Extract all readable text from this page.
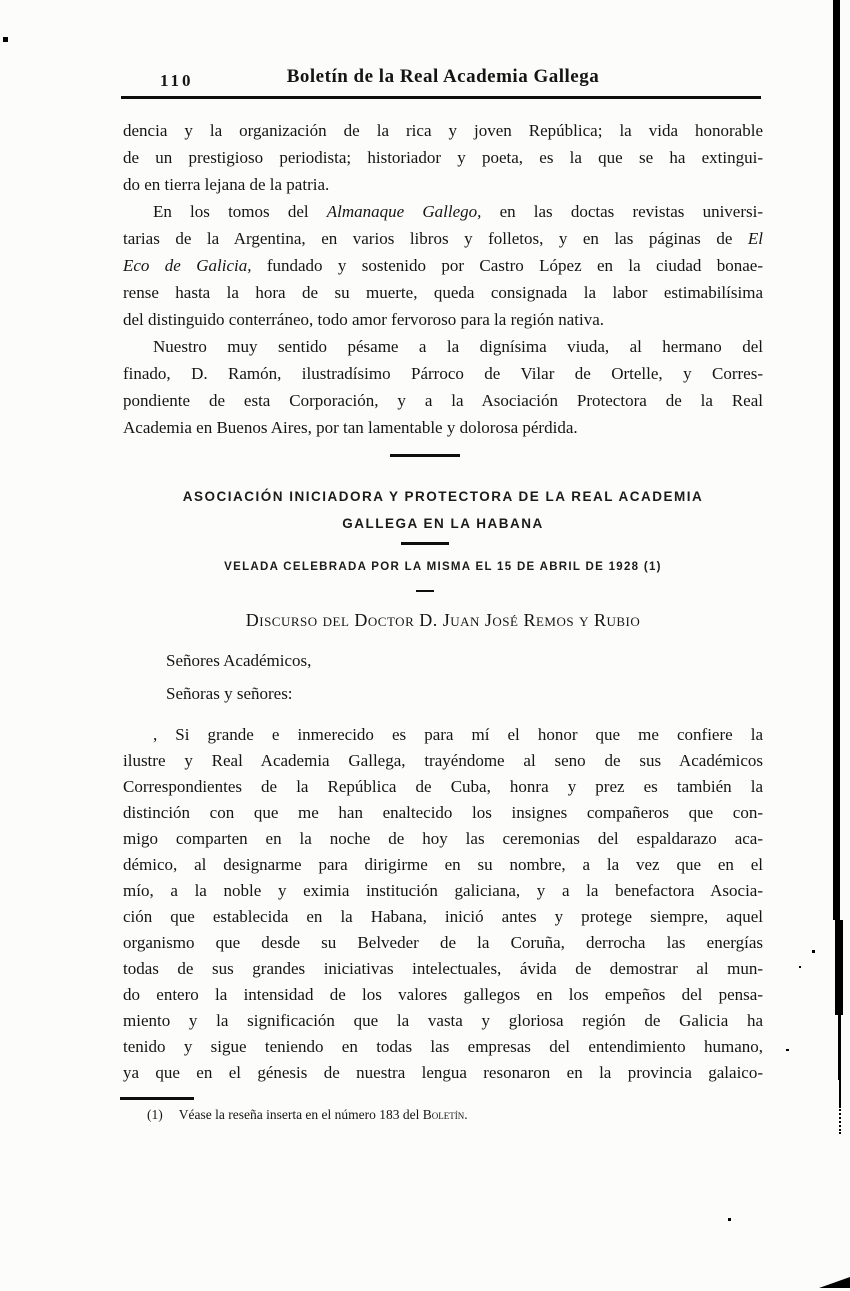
110	Boletín de la Real Academia Gallega
dencia y la organización de la rica y joven República; la vida honorable
de un prestigioso periodista; historiador y poeta, es la que se ha extingui-
do en tierra lejana de la patria.
En los tomos del Almanaque Gallego, en las doctas revistas universi-
tarias de la Argentina, en varios libros y folletos, y en las páginas de El
Eco de Galicia, fundado y sostenido por Castro López en la ciudad bonae-
rense hasta la hora de su muerte, queda consignada la labor estimabilísima
del distinguido conterráneo, todo amor fervoroso para la región nativa.
Nuestro muy sentido pésame a la dignísima viuda, al hermano del
finado, D. Ramón, ilustradísimo Párroco de Vilar de Ortelle, y Corres-
pondiente de esta Corporación, y a la Asociación Protectora de la Real
Academia en Buenos Aires, por tan lamentable y dolorosa pérdida.
ASOCIACIÓN INICIADORA Y PROTECTORA DE LA REAL ACADEMIA
GALLEGA EN LA HABANA
VELADA CELEBRADA POR LA MISMA EL 15 DE ABRIL DE 1928 (1)
Discurso del Doctor D. Juan José Remos y Rubio
Señores Académicos,
Señoras y señores:
, Si grande e inmerecido es para mí el honor que me confiere la
ilustre y Real Academia Gallega, trayéndome al seno de sus Académicos
Correspondientes de la República de Cuba, honra y prez es también la
distinción con que me han enaltecido los insignes compañeros que con-
migo comparten en la noche de hoy las ceremonias del espaldarazo aca-
démico, al designarme para dirigirme en su nombre, a la vez que en el
mío, a la noble y eximia institución galiciana, y a la benefactora Asocia-
ción que establecida en la Habana, inició antes y protege siempre, aquel
organismo que desde su Belveder de la Coruña, derrocha las energías
todas de sus grandes iniciativas intelectuales, ávida de demostrar al mun-
do entero la intensidad de los valores gallegos en los empeños del pensa-
miento y la significación que la vasta y gloriosa región de Galicia ha
tenido y sigue teniendo en todas las empresas del entendimiento humano,
ya que en el génesis de nuestra lengua resonaron en la provincia galaico-
(1) Véase la reseña inserta en el número 183 del Boletín.
